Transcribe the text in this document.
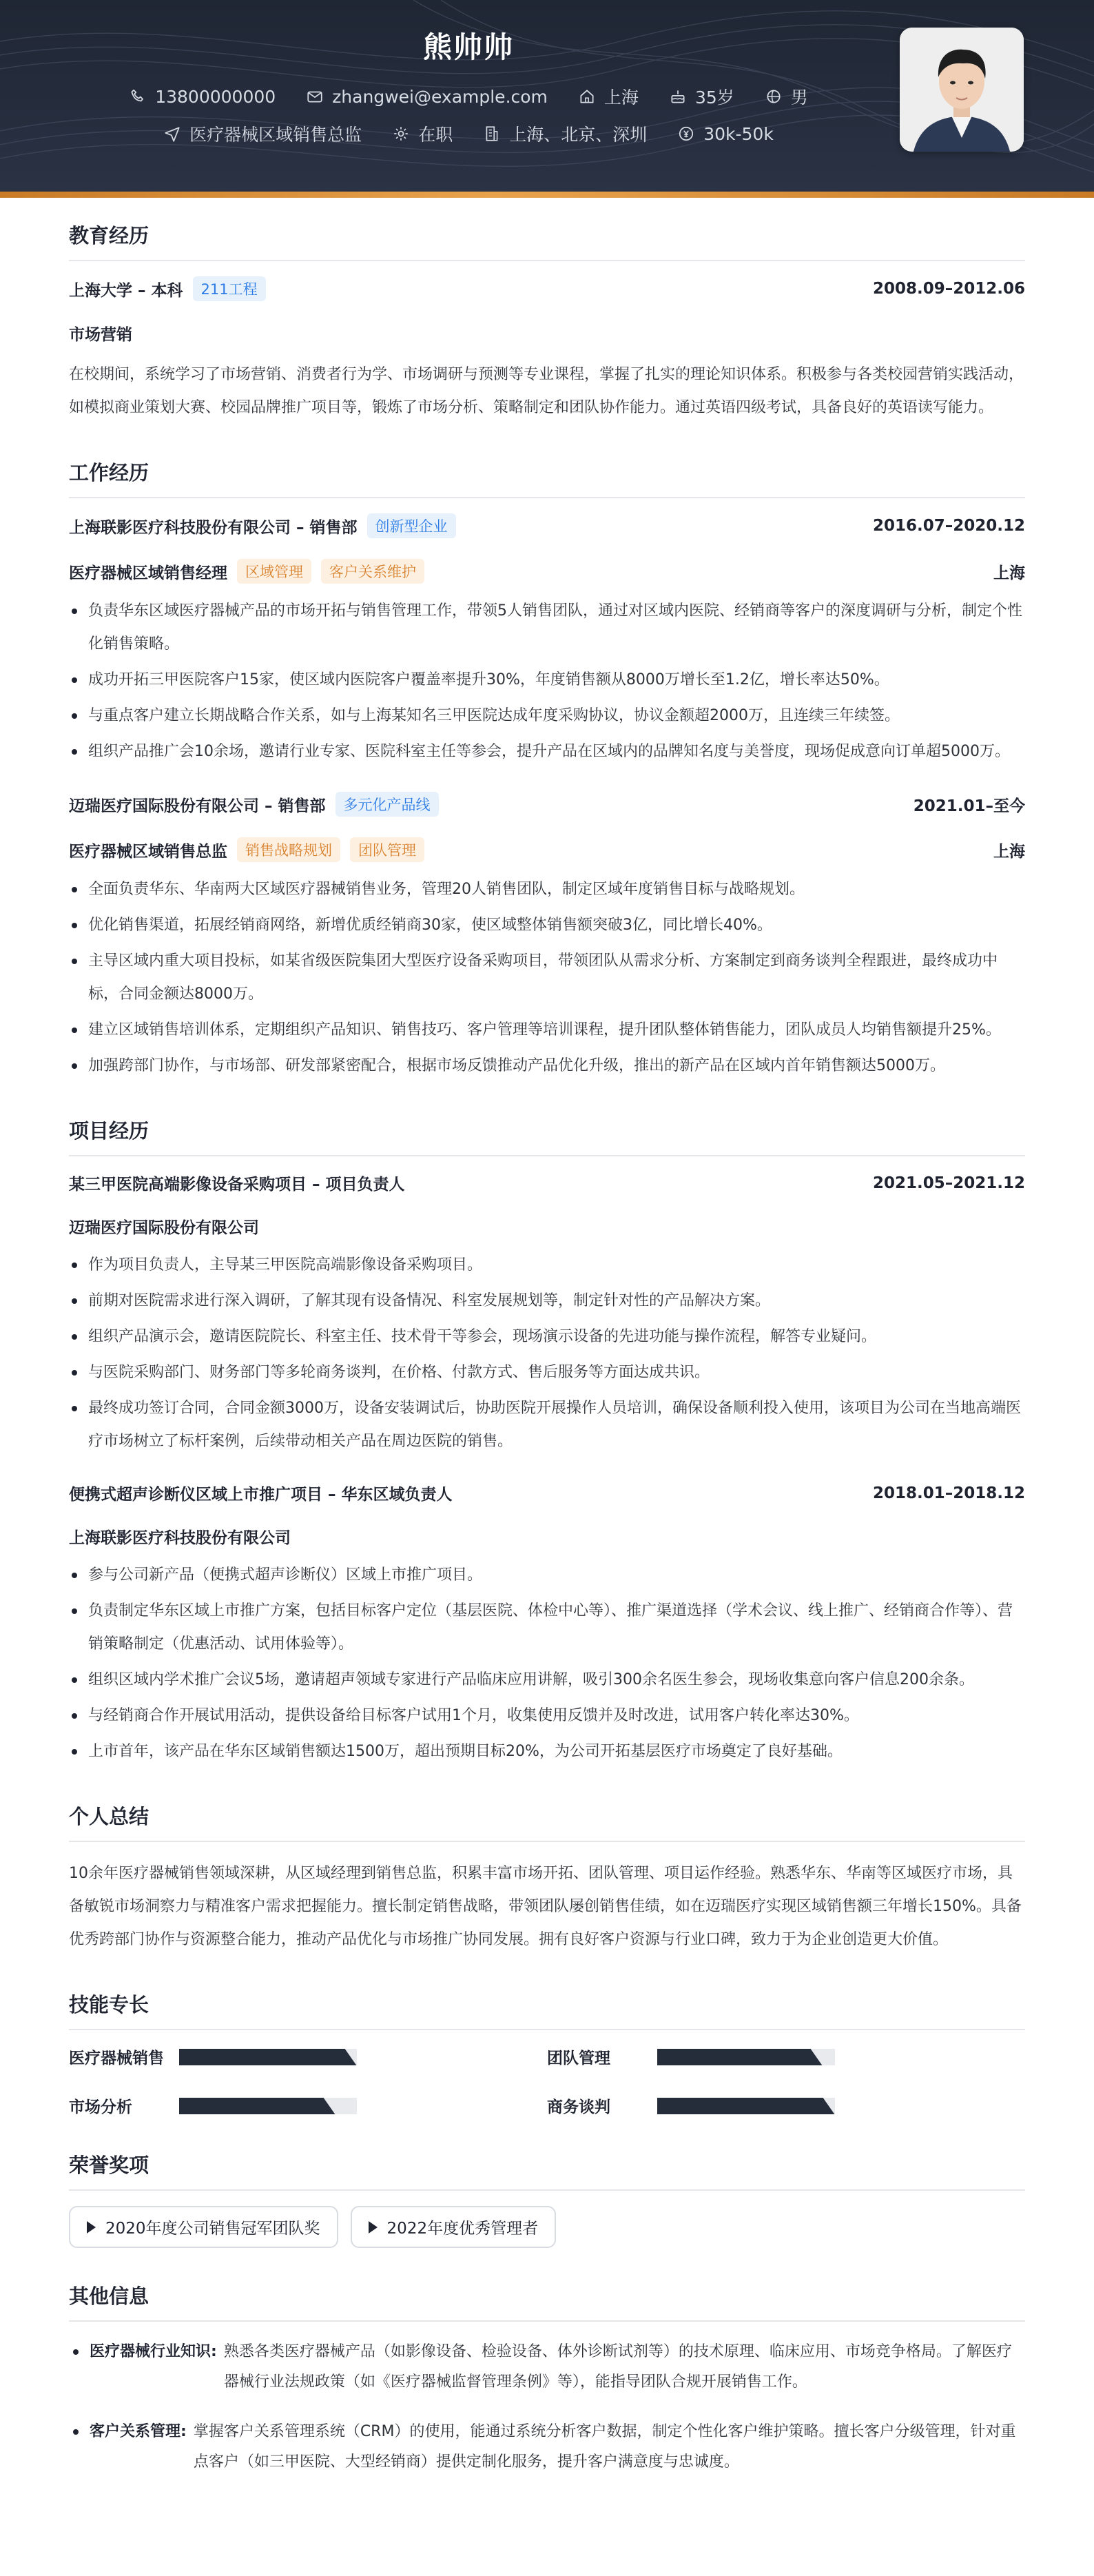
熊帅帅
13800000000	zhangwei@example.com	上海	35岁	男
医疗器械区域销售总监	在职	上海、北京、深圳	30k-50k
教育经历
上海大学 – 本科	211工程	2008.09–2012.06
市场营销
在校期间，系统学习了市场营销、消费者行为学、市场调研与预测等专业课程，掌握了扎实的理论知识体系。积极参与各类校园营销实践活动，如模拟商业策划大赛、校园品牌推广项目等，锻炼了市场分析、策略制定和团队协作能力。通过英语四级考试，具备良好的英语读写能力。
工作经历
上海联影医疗科技股份有限公司 – 销售部	创新型企业	2016.07–2020.12
医疗器械区域销售经理	区域管理	客户关系维护	上海
负责华东区域医疗器械产品的市场开拓与销售管理工作，带领5人销售团队，通过对区域内医院、经销商等客户的深度调研与分析，制定个性化销售策略。
成功开拓三甲医院客户15家，使区域内医院客户覆盖率提升30%，年度销售额从8000万增长至1.2亿，增长率达50%。
与重点客户建立长期战略合作关系，如与上海某知名三甲医院达成年度采购协议，协议金额超2000万，且连续三年续签。
组织产品推广会10余场，邀请行业专家、医院科室主任等参会，提升产品在区域内的品牌知名度与美誉度，现场促成意向订单超5000万。
迈瑞医疗国际股份有限公司 – 销售部	多元化产品线	2021.01–至今
医疗器械区域销售总监	销售战略规划	团队管理	上海
全面负责华东、华南两大区域医疗器械销售业务，管理20人销售团队，制定区域年度销售目标与战略规划。
优化销售渠道，拓展经销商网络，新增优质经销商30家，使区域整体销售额突破3亿，同比增长40%。
主导区域内重大项目投标，如某省级医院集团大型医疗设备采购项目，带领团队从需求分析、方案制定到商务谈判全程跟进，最终成功中标，合同金额达8000万。
建立区域销售培训体系，定期组织产品知识、销售技巧、客户管理等培训课程，提升团队整体销售能力，团队成员人均销售额提升25%。
加强跨部门协作，与市场部、研发部紧密配合，根据市场反馈推动产品优化升级，推出的新产品在区域内首年销售额达5000万。
项目经历
某三甲医院高端影像设备采购项目 – 项目负责人	2021.05–2021.12
迈瑞医疗国际股份有限公司
作为项目负责人，主导某三甲医院高端影像设备采购项目。
前期对医院需求进行深入调研，了解其现有设备情况、科室发展规划等，制定针对性的产品解决方案。
组织产品演示会，邀请医院院长、科室主任、技术骨干等参会，现场演示设备的先进功能与操作流程，解答专业疑问。
与医院采购部门、财务部门等多轮商务谈判，在价格、付款方式、售后服务等方面达成共识。
最终成功签订合同，合同金额3000万，设备安装调试后，协助医院开展操作人员培训，确保设备顺利投入使用，该项目为公司在当地高端医疗市场树立了标杆案例，后续带动相关产品在周边医院的销售。
便携式超声诊断仪区域上市推广项目 – 华东区域负责人	2018.01–2018.12
上海联影医疗科技股份有限公司
参与公司新产品（便携式超声诊断仪）区域上市推广项目。
负责制定华东区域上市推广方案，包括目标客户定位（基层医院、体检中心等）、推广渠道选择（学术会议、线上推广、经销商合作等）、营销策略制定（优惠活动、试用体验等）。
组织区域内学术推广会议5场，邀请超声领域专家进行产品临床应用讲解，吸引300余名医生参会，现场收集意向客户信息200余条。
与经销商合作开展试用活动，提供设备给目标客户试用1个月，收集使用反馈并及时改进，试用客户转化率达30%。
上市首年，该产品在华东区域销售额达1500万，超出预期目标20%，为公司开拓基层医疗市场奠定了良好基础。
个人总结
10余年医疗器械销售领域深耕，从区域经理到销售总监，积累丰富市场开拓、团队管理、项目运作经验。熟悉华东、华南等区域医疗市场，具备敏锐市场洞察力与精准客户需求把握能力。擅长制定销售战略，带领团队屡创销售佳绩，如在迈瑞医疗实现区域销售额三年增长150%。具备优秀跨部门协作与资源整合能力，推动产品优化与市场推广协同发展。拥有良好客户资源与行业口碑，致力于为企业创造更大价值。
技能专长
医疗器械销售	团队管理
市场分析	商务谈判
荣誉奖项
2020年度公司销售冠军团队奖	2022年度优秀管理者
其他信息
医疗器械行业知识: 熟悉各类医疗器械产品（如影像设备、检验设备、体外诊断试剂等）的技术原理、临床应用、市场竞争格局。了解医疗器械行业法规政策（如《医疗器械监督管理条例》等），能指导团队合规开展销售工作。
客户关系管理: 掌握客户关系管理系统（CRM）的使用，能通过系统分析客户数据，制定个性化客户维护策略。擅长客户分级管理，针对重点客户（如三甲医院、大型经销商）提供定制化服务，提升客户满意度与忠诚度。
